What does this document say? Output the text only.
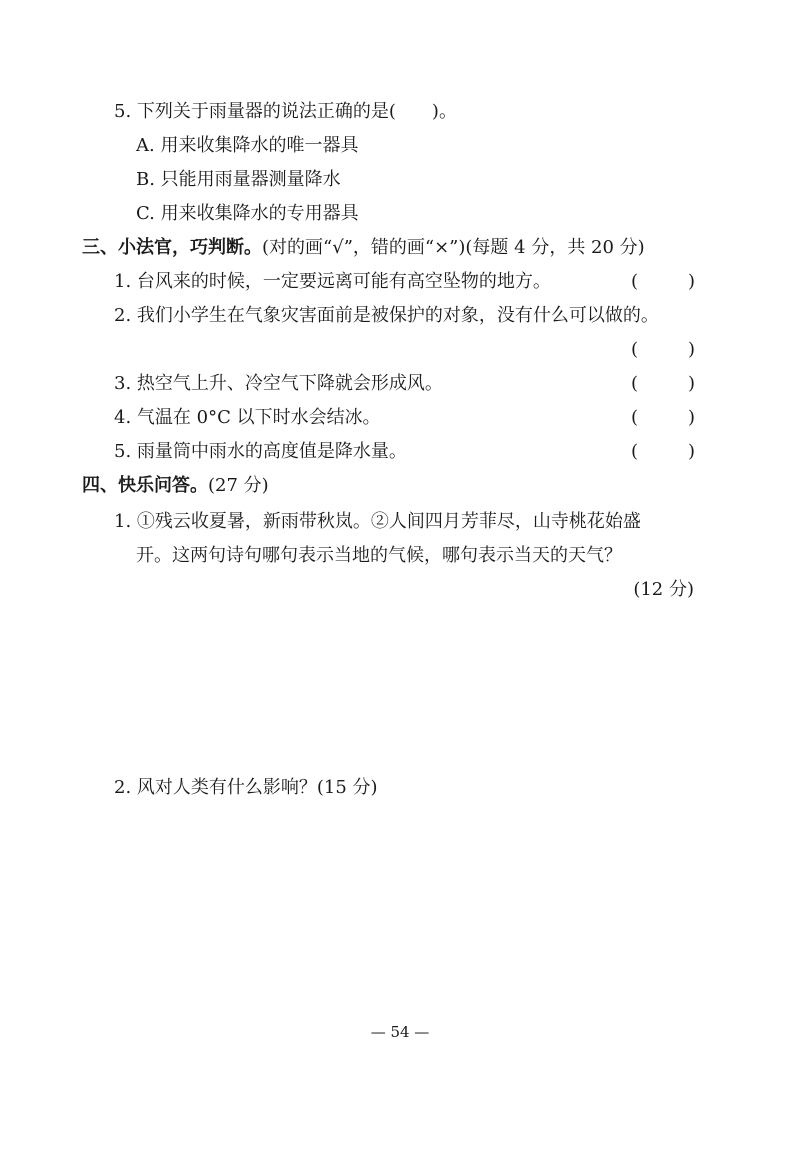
5. 下列关于雨量器的说法正确的是(　　)。
A. 用来收集降水的唯一器具
B. 只能用雨量器测量降水
C. 用来收集降水的专用器具
三、小法官，巧判断。(对的画“√”，错的画“×”)(每题 4 分，共 20 分)
1. 台风来的时候，一定要远离可能有高空坠物的地方。	(	)
2. 我们小学生在气象灾害面前是被保护的对象，没有什么可以做的。
(	)
3. 热空气上升、冷空气下降就会形成风。	(	)
4. 气温在 0°C 以下时水会结冰。	(	)
5. 雨量筒中雨水的高度值是降水量。	(	)
四、快乐问答。(27 分)
1. ①残云收夏暑，新雨带秋岚。②人间四月芳菲尽，山寺桃花始盛
开。这两句诗句哪句表示当地的气候，哪句表示当天的天气？
(12 分)
2. 风对人类有什么影响？(15 分)
— 54 —
